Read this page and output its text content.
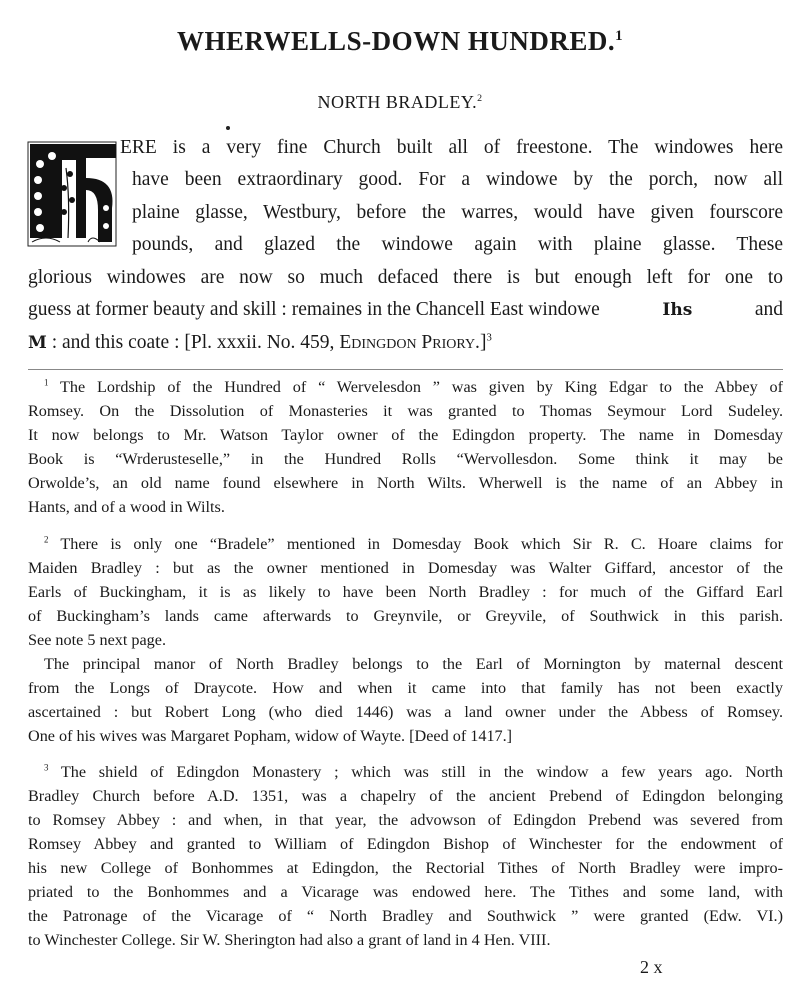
WHERWELLS-DOWN HUNDRED.$^1$
NORTH BRADLEY.$^2$
ERE is a very fine Church built all of freestone. The windowes here
have been extraordinary good. For a windowe by the porch, now all
plaine glasse, Westbury, before the warres, would have given fourscore
pounds, and glazed the windowe again with plaine glasse. These
glorious windowes are now so much defaced there is but enough left for one to
guess at former beauty and skill : remaines in the Chancell East windowe	Ihs	and
M : and this coate : [Pl. xxxii. No. 459, Edingdon Priory.]$^3$
$^1$ The Lordship of the Hundred of “ Wervelesdon ” was given by King Edgar to the Abbey of
Romsey. On the Dissolution of Monasteries it was granted to Thomas Seymour Lord Sudeley.
It now belongs to Mr. Watson Taylor owner of the Edingdon property. The name in Domesday
Book is “Wrderusteselle,” in the Hundred Rolls “Wervollesdon. Some think it may be
Orwolde’s, an old name found elsewhere in North Wilts. Wherwell is the name of an Abbey in
Hants, and of a wood in Wilts.
$^2$ There is only one “Bradele” mentioned in Domesday Book which Sir R. C. Hoare claims for
Maiden Bradley : but as the owner mentioned in Domesday was Walter Giffard, ancestor of the
Earls of Buckingham, it is as likely to have been North Bradley : for much of the Giffard Earl
of Buckingham’s lands came afterwards to Greynvile, or Greyvile, of Southwick in this parish.
See note 5 next page.
The principal manor of North Bradley belongs to the Earl of Mornington by maternal descent
from the Longs of Draycote. How and when it came into that family has not been exactly
ascertained : but Robert Long (who died 1446) was a land owner under the Abbess of Romsey.
One of his wives was Margaret Popham, widow of Wayte. [Deed of 1417.]
$^3$ The shield of Edingdon Monastery ; which was still in the window a few years ago. North
Bradley Church before A.D. 1351, was a chapelry of the ancient Prebend of Edingdon belonging
to Romsey Abbey : and when, in that year, the advowson of Edingdon Prebend was severed from
Romsey Abbey and granted to William of Edingdon Bishop of Winchester for the endowment of
his new College of Bonhommes at Edingdon, the Rectorial Tithes of North Bradley were impro-
priated to the Bonhommes and a Vicarage was endowed here. The Tithes and some land, with
the Patronage of the Vicarage of “ North Bradley and Southwick ” were granted (Edw. VI.)
to Winchester College. Sir W. Sherington had also a grant of land in 4 Hen. VIII.
2 x
